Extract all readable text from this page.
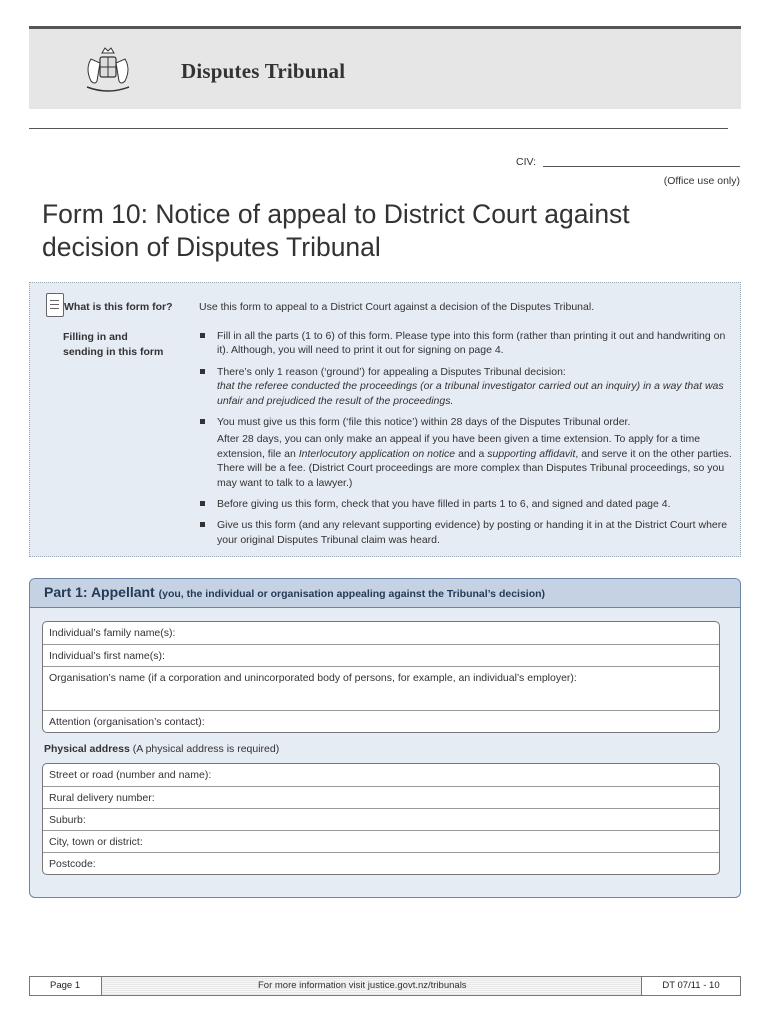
Disputes Tribunal
CIV:
(Office use only)
Form 10: Notice of appeal to District Court against
decision of Disputes Tribunal
What is this form for?	Use this form to appeal to a District Court against a decision of the Disputes Tribunal.
Filling in and
sending in this form
Fill in all the parts (1 to 6) of this form. Please type into this form (rather than printing it out and handwriting on it). Although, you will need to print it out for signing on page 4.
There’s only 1 reason (‘ground’) for appealing a Disputes Tribunal decision:
that the referee conducted the proceedings (or a tribunal investigator carried out an inquiry) in a way that was unfair and prejudiced the result of the proceedings.
You must give us this form (‘file this notice’) within 28 days of the Disputes Tribunal order.
After 28 days, you can only make an appeal if you have been given a time extension. To apply for a time extension, file an Interlocutory application on notice and a supporting affidavit, and serve it on the other parties. There will be a fee. (District Court proceedings are more complex than Disputes Tribunal proceedings, so you may want to talk to a lawyer.)
Before giving us this form, check that you have filled in parts 1 to 6, and signed and dated page 4.
Give us this form (and any relevant supporting evidence) by posting or handing it in at the District Court where your original Disputes Tribunal claim was heard.
Part 1: Appellant (you, the individual or organisation appealing against the Tribunal’s decision)
Individual’s family name(s):
Individual’s first name(s):
Organisation’s name (if a corporation and unincorporated body of persons, for example, an individual’s employer):
Attention (organisation’s contact):
Physical address (A physical address is required)
Street or road (number and name):
Rural delivery number:
Suburb:
City, town or district:
Postcode:
Page 1	For more information visit justice.govt.nz/tribunals	DT 07/11 - 10
